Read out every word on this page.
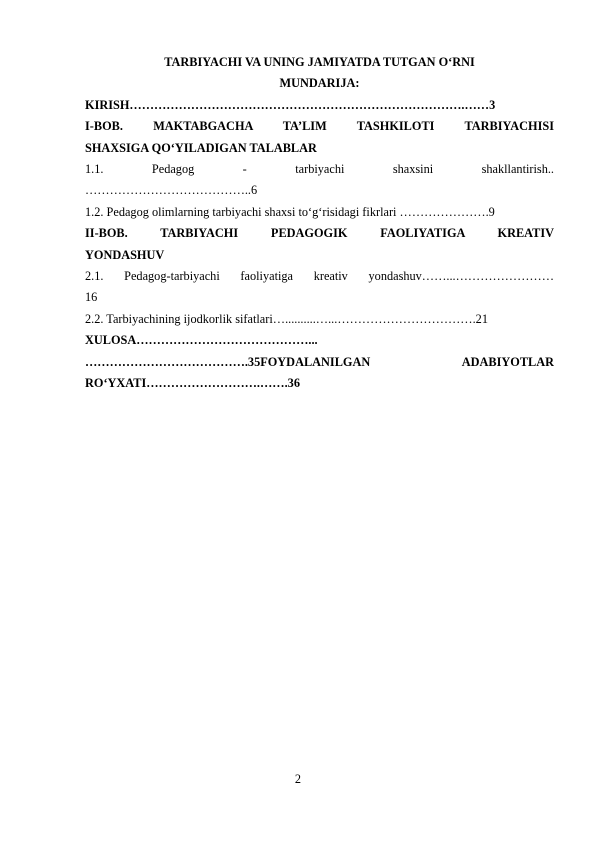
TARBIYACHI VA UNING JAMIYATDA TUTGAN O‘RNI
MUNDARIJA:
KIRISH……………………………………………………………………….……3
I-BOB. MAKTABGACHA TA’LIM TASHKILOTI TARBIYACHISI
SHAXSIGA QO‘YILADIGAN TALABLAR
1.1. Pedagog - tarbiyachi shaxsini shakllantirish..
…………………………………..6
1.2. Pedagog olimlarning tarbiyachi shaxsi to‘g‘risidagi fikrlari ………………….9
II-BOB. TARBIYACHI PEDAGOGIK FAOLIYATIGA KREATIV
YONDASHUV
2.1. Pedagog-tarbiyachi faoliyatiga kreativ yondashuv……...……………………
16
2.2. Tarbiyachining ijodkorlik sifatlari…..........…...…………………………….21
XULOSA……………………………………...
………………………………….35FOYDALANILGAN ADABIYOTLAR
RO‘YXATI……………………….…….36
2
